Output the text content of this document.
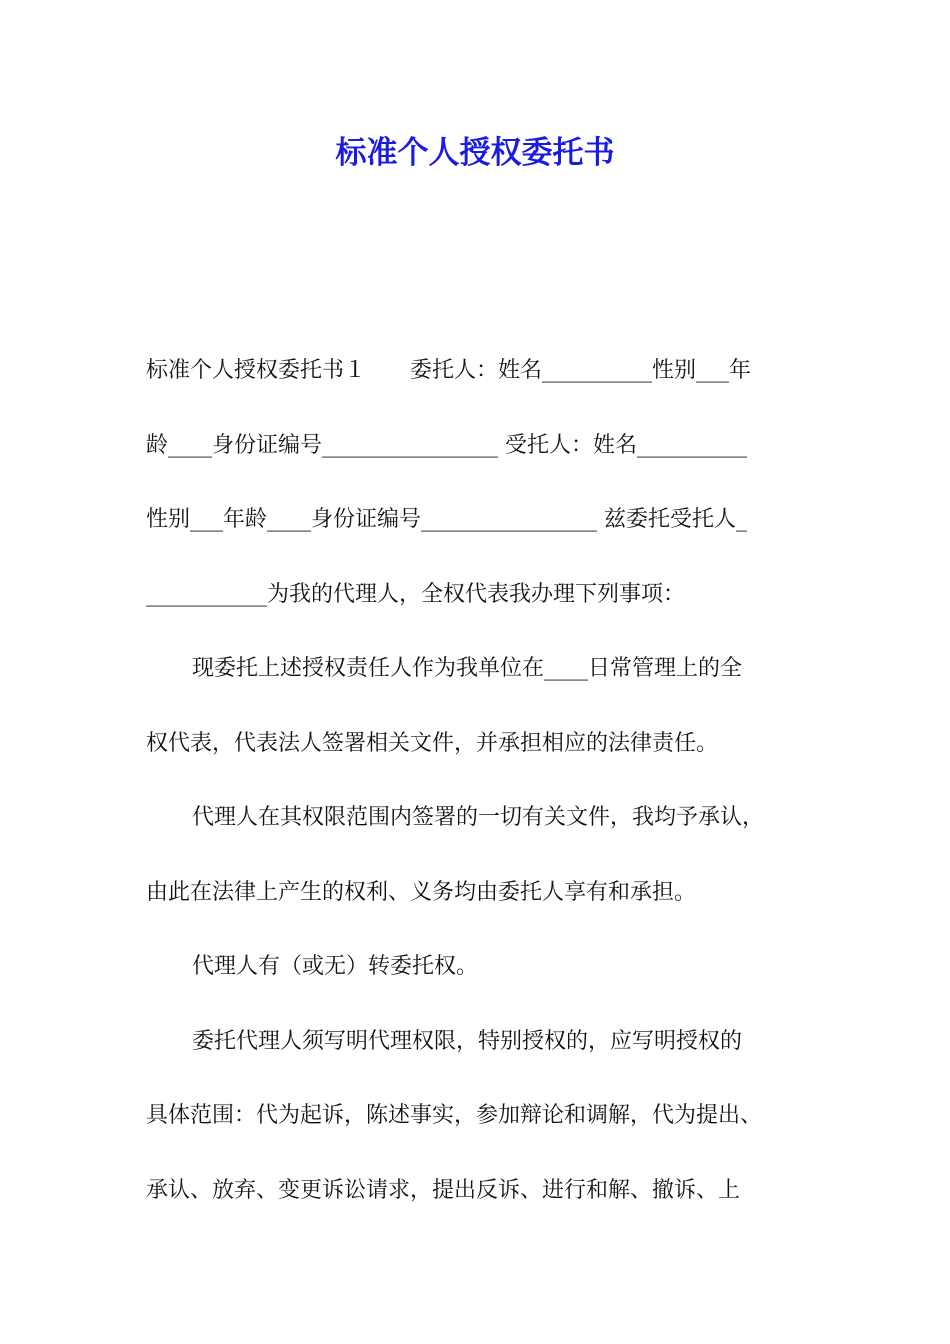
标准个人授权委托书
标准个人授权委托书１　　委托人：姓名__________性别___年
龄____身份证编号________________ 受托人：姓名__________
性别___年龄____身份证编号________________ 兹委托受托人_
___________为我的代理人，全权代表我办理下列事项：
现委托上述授权责任人作为我单位在____日常管理上的全
权代表，代表法人签署相关文件，并承担相应的法律责任。
代理人在其权限范围内签署的一切有关文件，我均予承认，
由此在法律上产生的权利、义务均由委托人享有和承担。
代理人有（或无）转委托权。
委托代理人须写明代理权限，特别授权的，应写明授权的
具体范围：代为起诉，陈述事实，参加辩论和调解，代为提出、
承认、放弃、变更诉讼请求，提出反诉、进行和解、撤诉、上
